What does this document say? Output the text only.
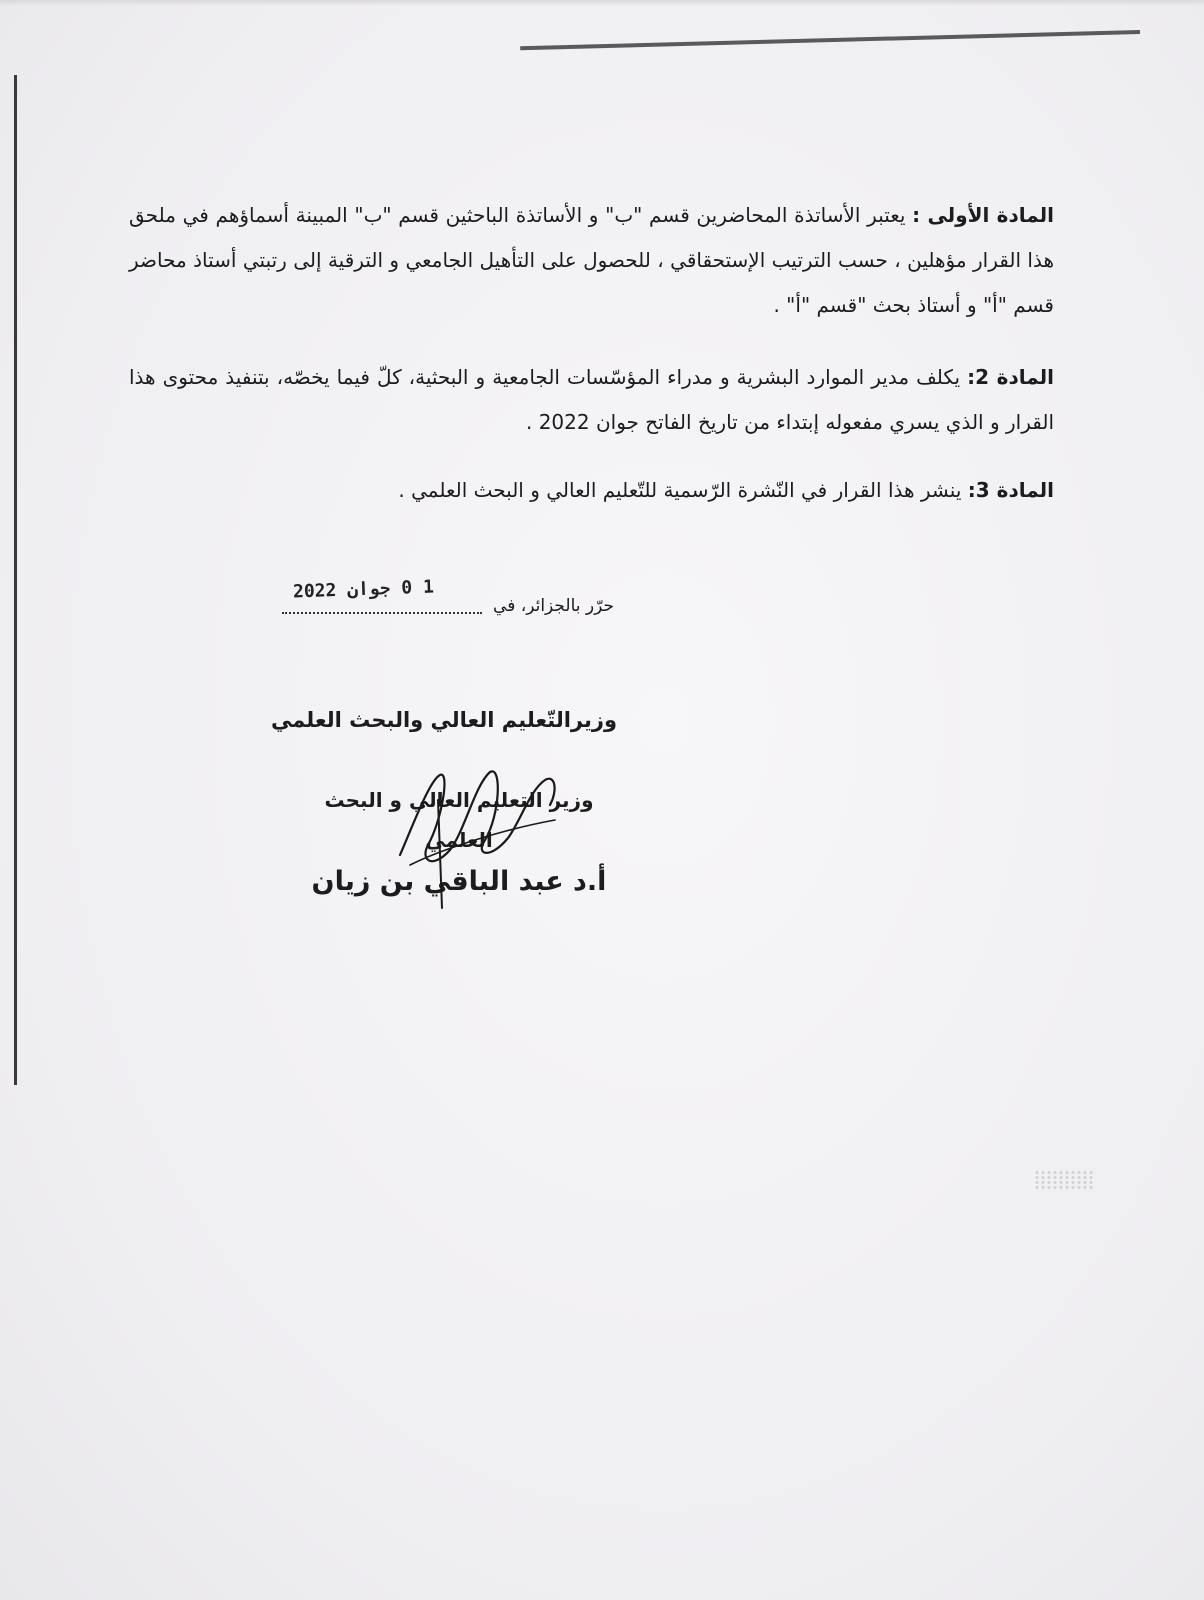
المادة الأولى : يعتبر الأساتذة المحاضرين قسم "ب" و الأساتذة الباحثين قسم "ب" المبينة أسماؤهم في ملحق هذا القرار مؤهلين ، حسب الترتيب الإستحقاقي ، للحصول على التأهيل الجامعي و الترقية إلى رتبتي أستاذ محاضر قسم "أ" و أستاذ بحث "قسم "أ" .

المادة 2: يكلف مدير الموارد البشرية و مدراء المؤسّسات الجامعية و البحثية، كلّ فيما يخصّه، بتنفيذ محتوى هذا القرار و الذي يسري مفعوله إبتداء من تاريخ الفاتح جوان 2022 .

المادة 3: ينشر هذا القرار في النّشرة الرّسمية للتّعليم العالي و البحث العلمي .

حرّر بالجزائر، في
1 0 جوان 2022

وزيرالتّعليم العالي والبحث العلمي

وزير التعليم العالي و البحث العلمي
أ.د عبد الباقي بن زيان
